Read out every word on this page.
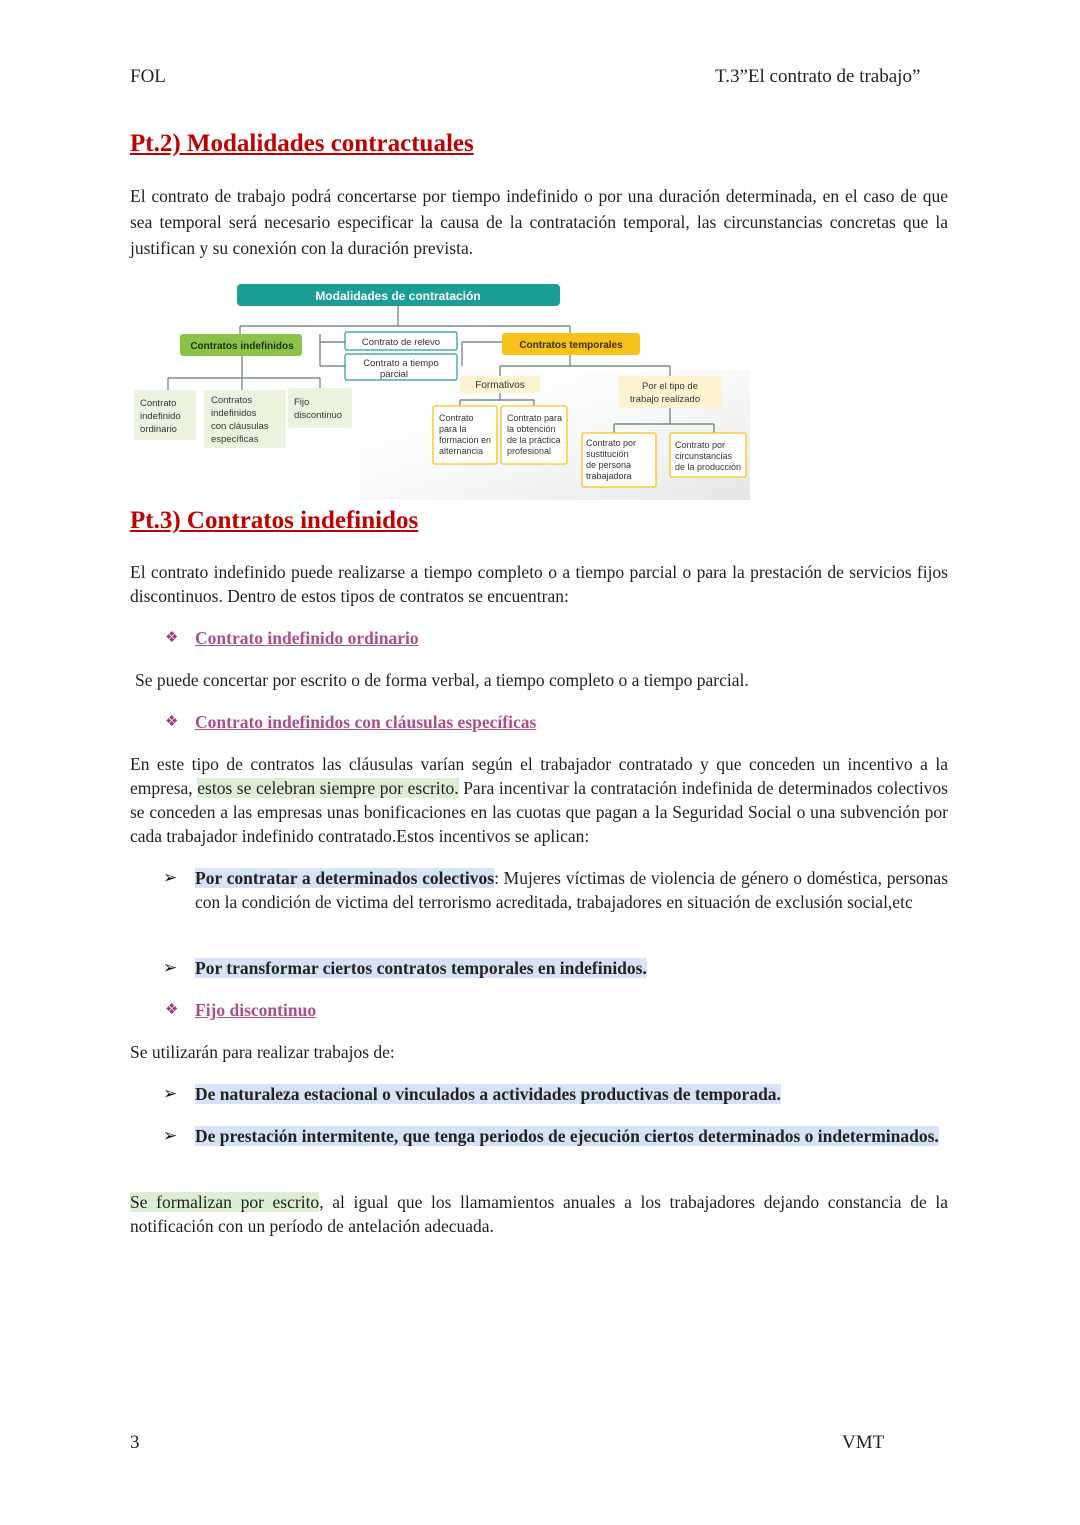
FOL	T.3”El contrato de trabajo”
Pt.2) Modalidades contractuales
El contrato de trabajo podrá concertarse por tiempo indefinido o por una duración determinada, en el caso de que sea temporal será necesario especificar la causa de la contratación temporal, las circunstancias concretas que la justifican y su conexión con la duración prevista.
Modalidades de contratación
Contratos indefinidos	Contrato de relevo
Contrato a tiempo
parcial
Contratos temporales
Formativos	Por el tipo de
trabajo realizado
Contrato indefinido ordinario
Contratos indefinidos con cláusulas específicas
Fijo discontinuo	Contrato para la formación en alternancia
Contrato para la obtención de la práctica profesional
Contrato por sustitución de persona trabajadora
Contrato por circunstancias de la producción
Pt.3) Contratos indefinidos
El contrato indefinido puede realizarse a tiempo completo o a tiempo parcial o para la prestación de servicios fijos discontinuos. Dentro de estos tipos de contratos se encuentran:
❖ Contrato indefinido ordinario
Se puede concertar por escrito o de forma verbal, a tiempo completo o a tiempo parcial.
❖ Contrato indefinidos con cláusulas específicas
En este tipo de contratos las cláusulas varían según el trabajador contratado y que conceden un incentivo a la empresa, estos se celebran siempre por escrito. Para incentivar la contratación indefinida de determinados colectivos se conceden a las empresas unas bonificaciones en las cuotas que pagan a la Seguridad Social o una subvención por cada trabajador indefinido contratado.Estos incentivos se aplican:
➢	Por contratar a determinados colectivos: Mujeres víctimas de violencia de género o doméstica, personas con la condición de victima del terrorismo acreditada, trabajadores en situación de exclusión social,etc
➢	Por transformar ciertos contratos temporales en indefinidos.
❖ Fijo discontinuo
Se utilizarán para realizar trabajos de:
➢	De naturaleza estacional o vinculados a actividades productivas de temporada.
➢	De prestación intermitente, que tenga periodos de ejecución ciertos determinados o indeterminados.
Se formalizan por escrito, al igual que los llamamientos anuales a los trabajadores dejando constancia de la notificación con un período de antelación adecuada.
3	VMT
